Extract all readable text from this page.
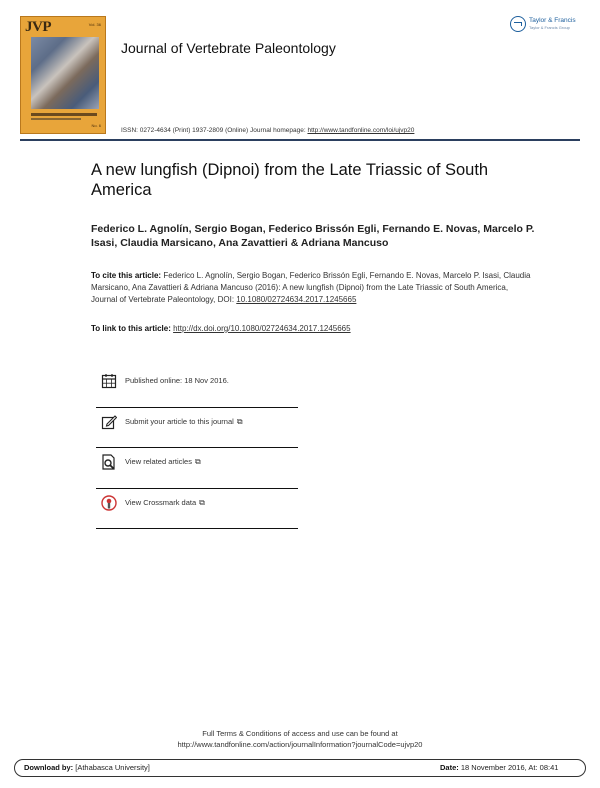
JVP	Vol. 36
No. 6
Journal of Vertebrate Paleontology
Taylor & Francis
Taylor & Francis Group
ISSN: 0272-4634 (Print) 1937-2809 (Online) Journal homepage: http://www.tandfonline.com/loi/ujvp20
A new lungfish (Dipnoi) from the Late Triassic of South America
Federico L. Agnolín, Sergio Bogan, Federico Brissón Egli, Fernando E. Novas, Marcelo P. Isasi, Claudia Marsicano, Ana Zavattieri & Adriana Mancuso
To cite this article: Federico L. Agnolín, Sergio Bogan, Federico Brissón Egli, Fernando E. Novas, Marcelo P. Isasi, Claudia Marsicano, Ana Zavattieri & Adriana Mancuso (2016): A new lungfish (Dipnoi) from the Late Triassic of South America, Journal of Vertebrate Paleontology, DOI: 10.1080/02724634.2017.1245665
To link to this article: http://dx.doi.org/10.1080/02724634.2017.1245665
Published online: 18 Nov 2016.
Submit your article to this journal ⧉
View related articles ⧉
View Crossmark data ⧉
Full Terms & Conditions of access and use can be found at
http://www.tandfonline.com/action/journalInformation?journalCode=ujvp20
Download by: [Athabasca University]	Date: 18 November 2016, At: 08:41
